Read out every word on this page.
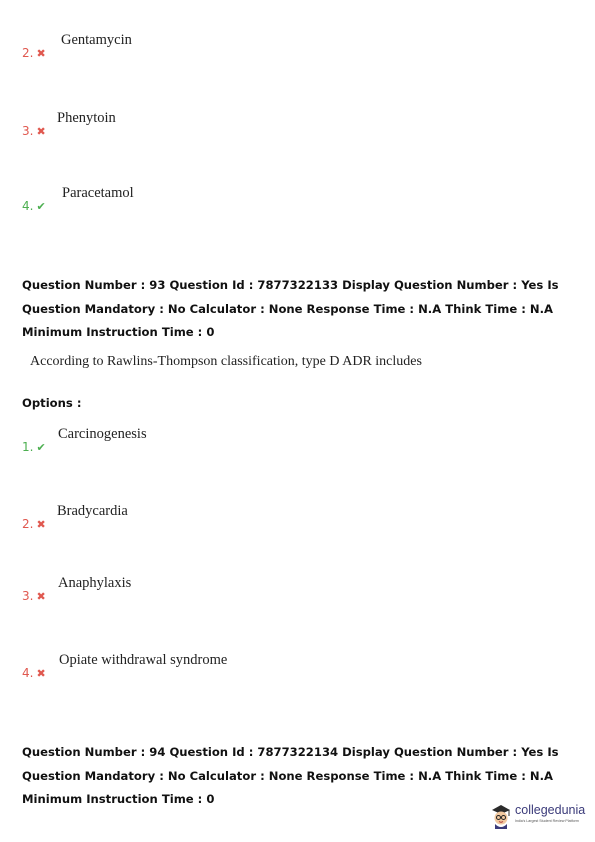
2. ✖
Gentamycin
3. ✖
Phenytoin
4. ✔
Paracetamol
Question Number : 93 Question Id : 7877322133 Display Question Number : Yes Is Question Mandatory : No Calculator : None Response Time : N.A Think Time : N.A Minimum Instruction Time : 0
According to Rawlins-Thompson classification, type D ADR includes
Options :
1. ✔
Carcinogenesis
2. ✖
Bradycardia
3. ✖
Anaphylaxis
4. ✖
Opiate withdrawal syndrome
Question Number : 94 Question Id : 7877322134 Display Question Number : Yes Is Question Mandatory : No Calculator : None Response Time : N.A Think Time : N.A Minimum Instruction Time : 0
collegedunia
India's Largest Student Review Platform
